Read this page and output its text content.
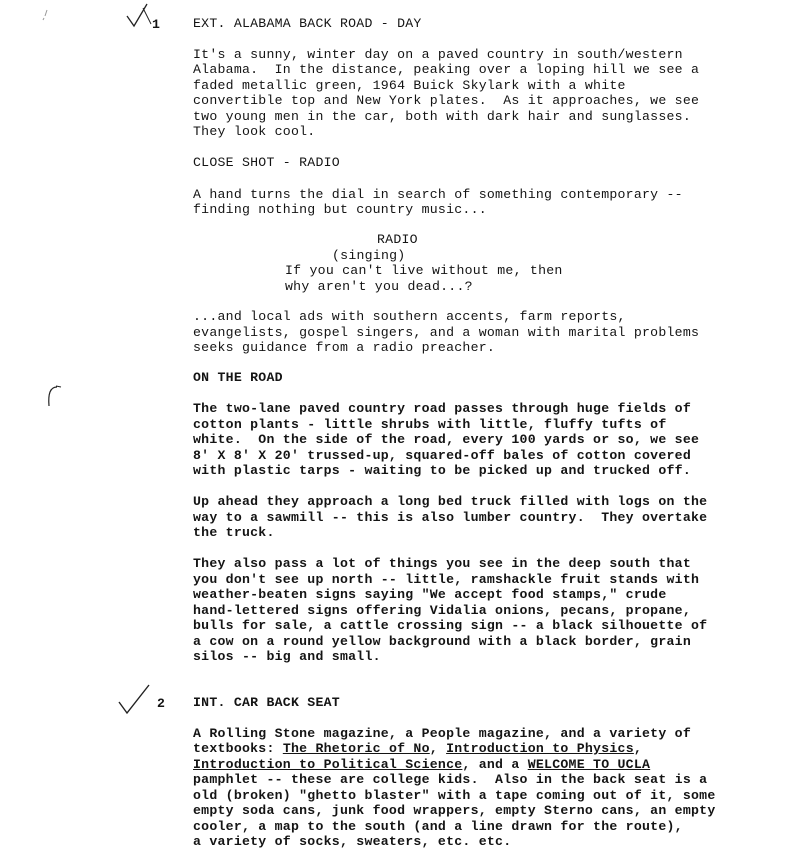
1	EXT. ALABAMA BACK ROAD - DAY
It's a sunny, winter day on a paved country in south/western
Alabama.  In the distance, peaking over a loping hill we see a
faded metallic green, 1964 Buick Skylark with a white
convertible top and New York plates.  As it approaches, we see
two young men in the car, both with dark hair and sunglasses.
They look cool.
CLOSE SHOT - RADIO
A hand turns the dial in search of something contemporary --
finding nothing but country music...
RADIO
(singing)
If you can't live without me, then
why aren't you dead...?
...and local ads with southern accents, farm reports,
evangelists, gospel singers, and a woman with marital problems
seeks guidance from a radio preacher.
ON THE ROAD
The two-lane paved country road passes through huge fields of
cotton plants - little shrubs with little, fluffy tufts of
white.  On the side of the road, every 100 yards or so, we see
8' X 8' X 20' trussed-up, squared-off bales of cotton covered
with plastic tarps - waiting to be picked up and trucked off.
Up ahead they approach a long bed truck filled with logs on the
way to a sawmill -- this is also lumber country.  They overtake
the truck.
They also pass a lot of things you see in the deep south that
you don't see up north -- little, ramshackle fruit stands with
weather-beaten signs saying "We accept food stamps," crude
hand-lettered signs offering Vidalia onions, pecans, propane,
bulls for sale, a cattle crossing sign -- a black silhouette of
a cow on a round yellow background with a black border, grain
silos -- big and small.
2 INT. CAR BACK SEAT
A Rolling Stone magazine, a People magazine, and a variety of
textbooks: The Rhetoric of No, Introduction to Physics,
Introduction to Political Science, and a WELCOME TO UCLA
pamphlet -- these are college kids.  Also in the back seat is a
old (broken) "ghetto blaster" with a tape coming out of it, some
empty soda cans, junk food wrappers, empty Sterno cans, an empty
cooler, a map to the south (and a line drawn for the route),
a variety of socks, sweaters, etc. etc.
